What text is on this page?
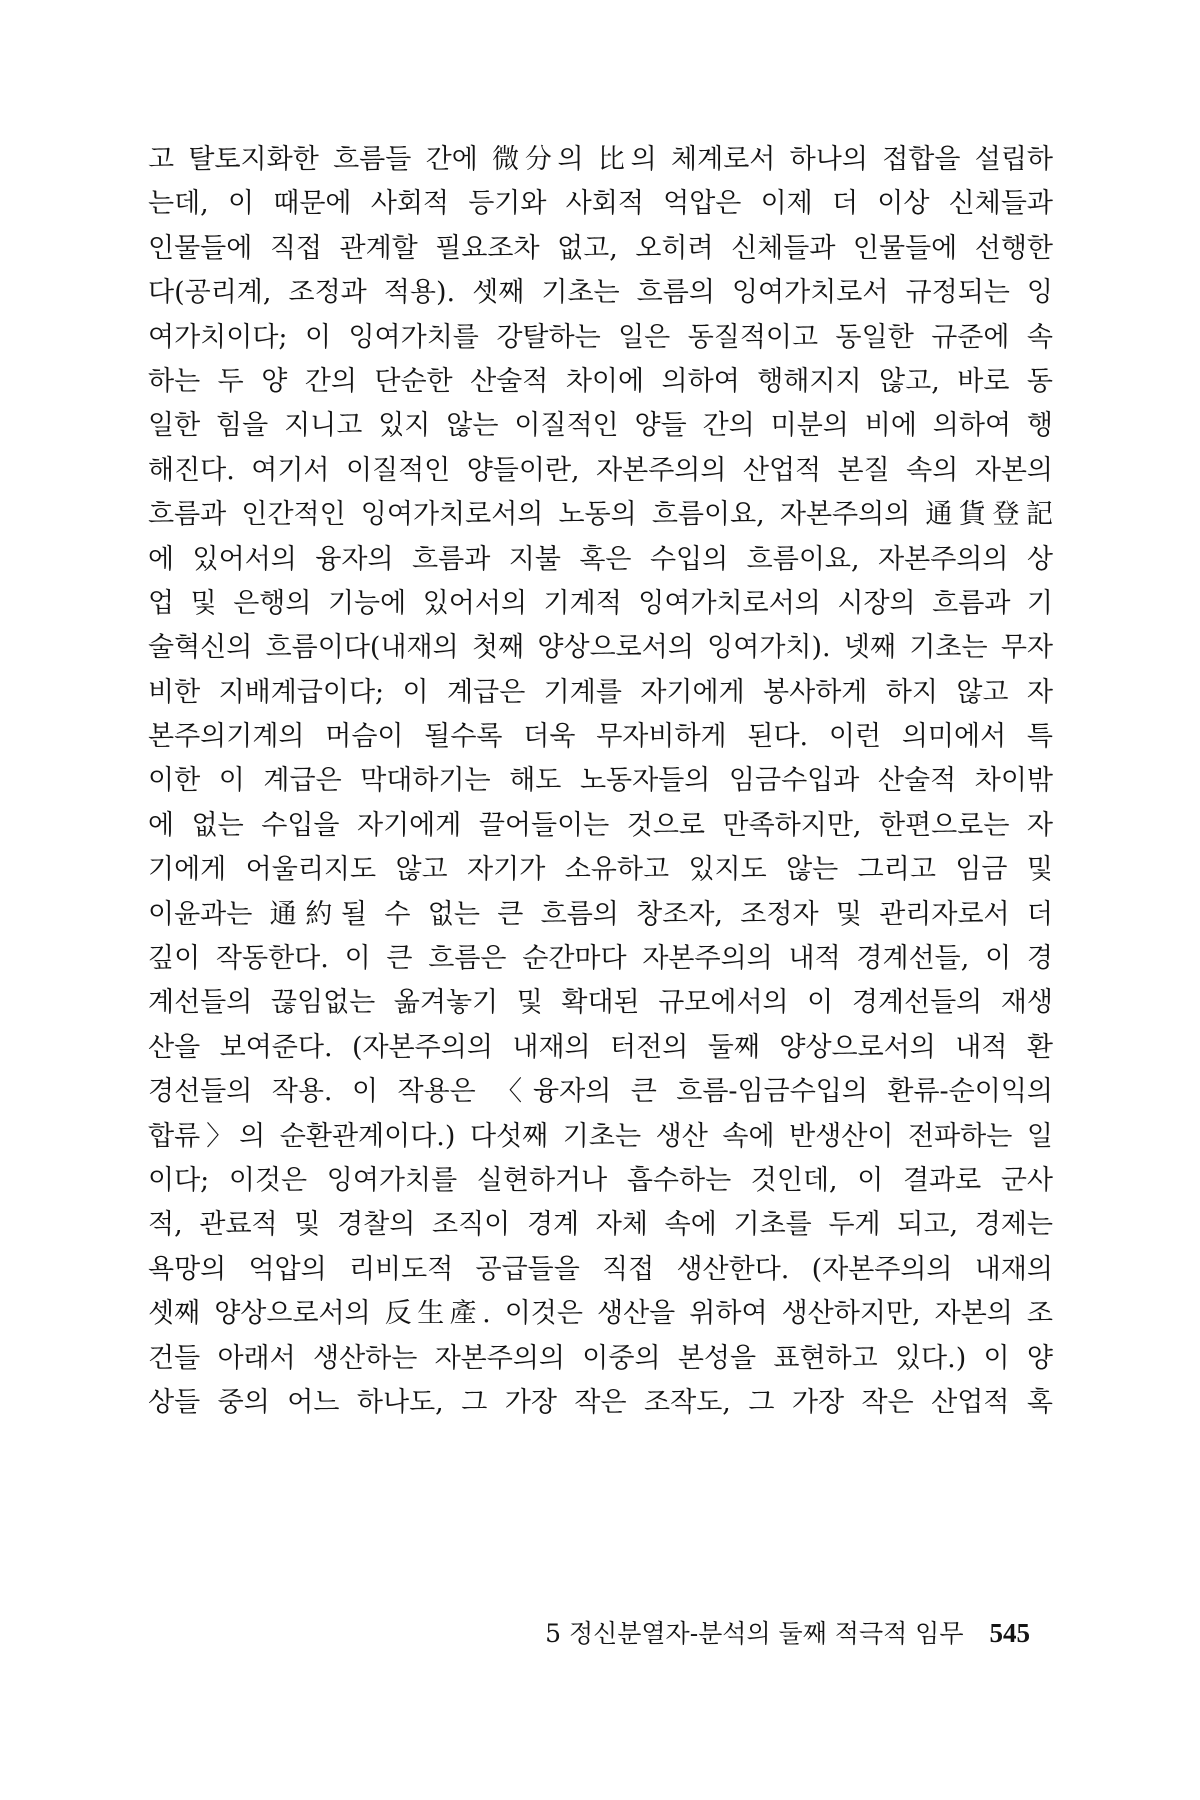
고 탈토지화한 흐름들 간에 微分의 比의 체계로서 하나의 접합을 설립하
는데, 이 때문에 사회적 등기와 사회적 억압은 이제 더 이상 신체들과
인물들에 직접 관계할 필요조차 없고, 오히려 신체들과 인물들에 선행한
다(공리계, 조정과 적용). 셋째 기초는 흐름의 잉여가치로서 규정되는 잉
여가치이다; 이 잉여가치를 강탈하는 일은 동질적이고 동일한 규준에 속
하는 두 양 간의 단순한 산술적 차이에 의하여 행해지지 않고, 바로 동
일한 힘을 지니고 있지 않는 이질적인 양들 간의 미분의 비에 의하여 행
해진다. 여기서 이질적인 양들이란, 자본주의의 산업적 본질 속의 자본의
흐름과 인간적인 잉여가치로서의 노동의 흐름이요, 자본주의의 通貨登記
에 있어서의 융자의 흐름과 지불 혹은 수입의 흐름이요, 자본주의의 상
업 및 은행의 기능에 있어서의 기계적 잉여가치로서의 시장의 흐름과 기
술혁신의 흐름이다(내재의 첫째 양상으로서의 잉여가치). 넷째 기초는 무자
비한 지배계급이다; 이 계급은 기계를 자기에게 봉사하게 하지 않고 자
본주의기계의 머슴이 될수록 더욱 무자비하게 된다. 이런 의미에서 특
이한 이 계급은 막대하기는 해도 노동자들의 임금수입과 산술적 차이밖
에 없는 수입을 자기에게 끌어들이는 것으로 만족하지만, 한편으로는 자
기에게 어울리지도 않고 자기가 소유하고 있지도 않는 그리고 임금 및
이윤과는 通約될 수 없는 큰 흐름의 창조자, 조정자 및 관리자로서 더
깊이 작동한다. 이 큰 흐름은 순간마다 자본주의의 내적 경계선들, 이 경
계선들의 끊임없는 옮겨놓기 및 확대된 규모에서의 이 경계선들의 재생
산을 보여준다. (자본주의의 내재의 터전의 둘째 양상으로서의 내적 환
경선들의 작용. 이 작용은 〈융자의 큰 흐름-임금수입의 환류-순이익의
합류〉의 순환관계이다.) 다섯째 기초는 생산 속에 반생산이 전파하는 일
이다; 이것은 잉여가치를 실현하거나 흡수하는 것인데, 이 결과로 군사
적, 관료적 및 경찰의 조직이 경계 자체 속에 기초를 두게 되고, 경제는
욕망의 억압의 리비도적 공급들을 직접 생산한다. (자본주의의 내재의
셋째 양상으로서의 反生產. 이것은 생산을 위하여 생산하지만, 자본의 조
건들 아래서 생산하는 자본주의의 이중의 본성을 표현하고 있다.) 이 양
상들 중의 어느 하나도, 그 가장 작은 조작도, 그 가장 작은 산업적 혹
5 정신분열자-분석의 둘째 적극적 임무 545
